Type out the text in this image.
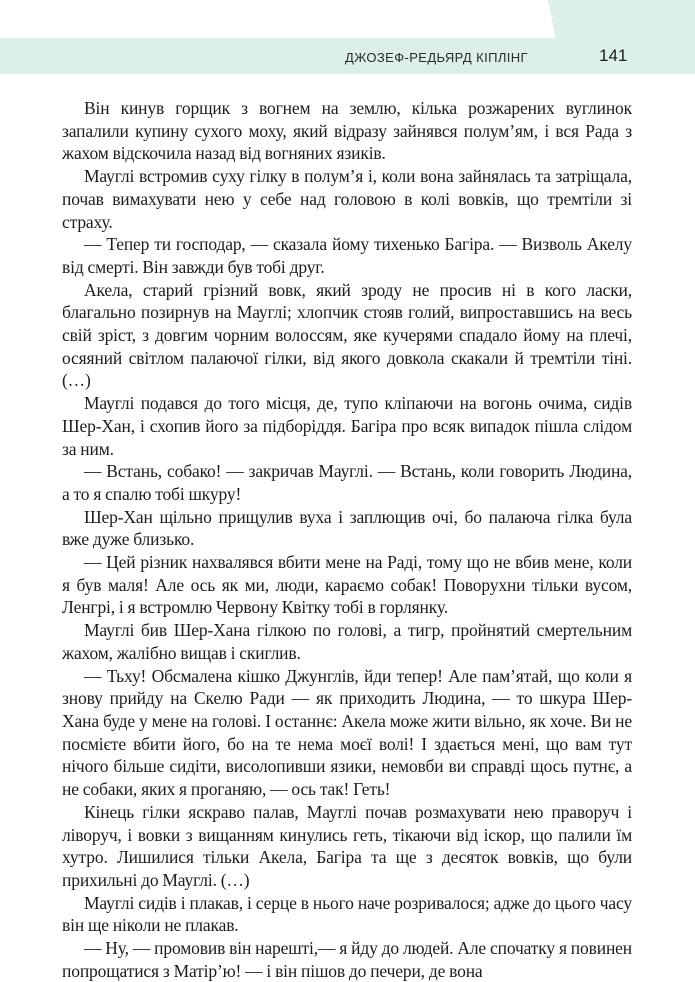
ДЖОЗЕФ-РЕДЬЯРД КІПЛІНГ	141

Він кинув горщик з вогнем на землю, кілька розжарених вуглинок запалили купину сухого моху, який відразу зайнявся полум’ям, і вся Рада з жахом відскочила назад від вогняних язиків.

Мауглі встромив суху гілку в полум’я і, коли вона зайнялась та затріщала, почав вимахувати нею у себе над головою в колі вовків, що тремтіли зі страху.

— Тепер ти господар, — сказала йому тихенько Багіра. — Визволь Акелу від смерті. Він завжди був тобі друг.

Акела, старий грізний вовк, який зроду не просив ні в кого ласки, благально позирнув на Мауглі; хлопчик стояв голий, випроставшись на весь свій зріст, з довгим чорним волоссям, яке кучерями спадало йому на плечі, осяяний світлом палаючої гілки, від якого довкола скакали й тремтіли тіні. (…)

Мауглі подався до того місця, де, тупо кліпаючи на вогонь очима, сидів Шер-Хан, і схопив його за підборіддя. Багіра про всяк випадок пішла слідом за ним.

— Встань, собако! — закричав Мауглі. — Встань, коли говорить Людина, а то я спалю тобі шкуру!

Шер-Хан щільно прищулив вуха і заплющив очі, бо палаюча гілка була вже дуже близько.

— Цей різник нахвалявся вбити мене на Раді, тому що не вбив мене, коли я був маля! Але ось як ми, люди, караємо собак! Поворухни тільки вусом, Ленгрі, і я встромлю Червону Квітку тобі в горлянку.

Мауглі бив Шер-Хана гілкою по голові, а тигр, пройнятий смертельним жахом, жалібно вищав і скиглив.

— Тьху! Обсмалена кішко Джунглів, йди тепер! Але пам’ятай, що коли я знову прийду на Скелю Ради — як приходить Людина, — то шкура Шер-Хана буде у мене на голові. І останнє: Акела може жити вільно, як хоче. Ви не посмієте вбити його, бо на те нема моєї волі! І здається мені, що вам тут нічого більше сидіти, висолопивши язики, немовби ви справді щось путнє, а не собаки, яких я проганяю, — ось так! Геть!

Кінець гілки яскраво палав, Мауглі почав розмахувати нею праворуч і ліворуч, і вовки з вищанням кинулись геть, тікаючи від іскор, що палили їм хутро. Лишилися тільки Акела, Багіра та ще з десяток вовків, що були прихильні до Мауглі. (…)

Мауглі сидів і плакав, і серце в нього наче розривалося; адже до цього часу він ще ніколи не плакав.

— Ну, — промовив він нарешті,— я йду до людей. Але спочатку я повинен попрощатися з Матір’ю! — і він пішов до печери, де вона
